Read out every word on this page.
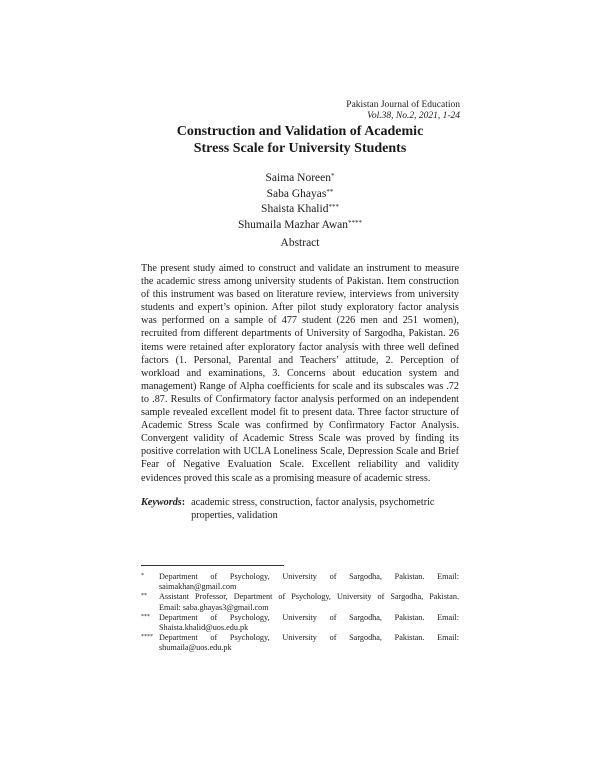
Pakistan Journal of Education
Vol.38, No.2, 2021, 1-24
Construction and Validation of Academic
Stress Scale for University Students
Saima Noreen*
Saba Ghayas**
Shaista Khalid***
Shumaila Mazhar Awan****
Abstract
The present study aimed to construct and validate an instrument to measure the academic stress among university students of Pakistan. Item construction of this instrument was based on literature review, interviews from university students and expert’s opinion. After pilot study exploratory factor analysis was performed on a sample of 477 student (226 men and 251 women), recruited from different departments of University of Sargodha, Pakistan. 26 items were retained after exploratory factor analysis with three well defined factors (1. Personal, Parental and Teachers’ attitude, 2. Perception of workload and examinations, 3. Concerns about education system and management) Range of Alpha coefficients for scale and its subscales was .72 to .87. Results of Confirmatory factor analysis performed on an independent sample revealed excellent model fit to present data. Three factor structure of Academic Stress Scale was confirmed by Confirmatory Factor Analysis. Convergent validity of Academic Stress Scale was proved by finding its positive correlation with UCLA Loneliness Scale, Depression Scale and Brief Fear of Negative Evaluation Scale. Excellent reliability and validity evidences proved this scale as a promising measure of academic stress.
Keywords: academic stress, construction, factor analysis, psychometric properties, validation
*	Department of Psychology, University of Sargodha, Pakistan. Email:
saimakhan@gmail.com
**	Assistant Professor, Department of Psychology, University of Sargodha, Pakistan.
Email: saba.ghayas3@gmail.com
***	Department of Psychology, University of Sargodha, Pakistan. Email:
Shaista.khalid@uos.edu.pk
**** Department of Psychology, University of Sargodha, Pakistan. Email:
shumaila@uos.edu.pk
